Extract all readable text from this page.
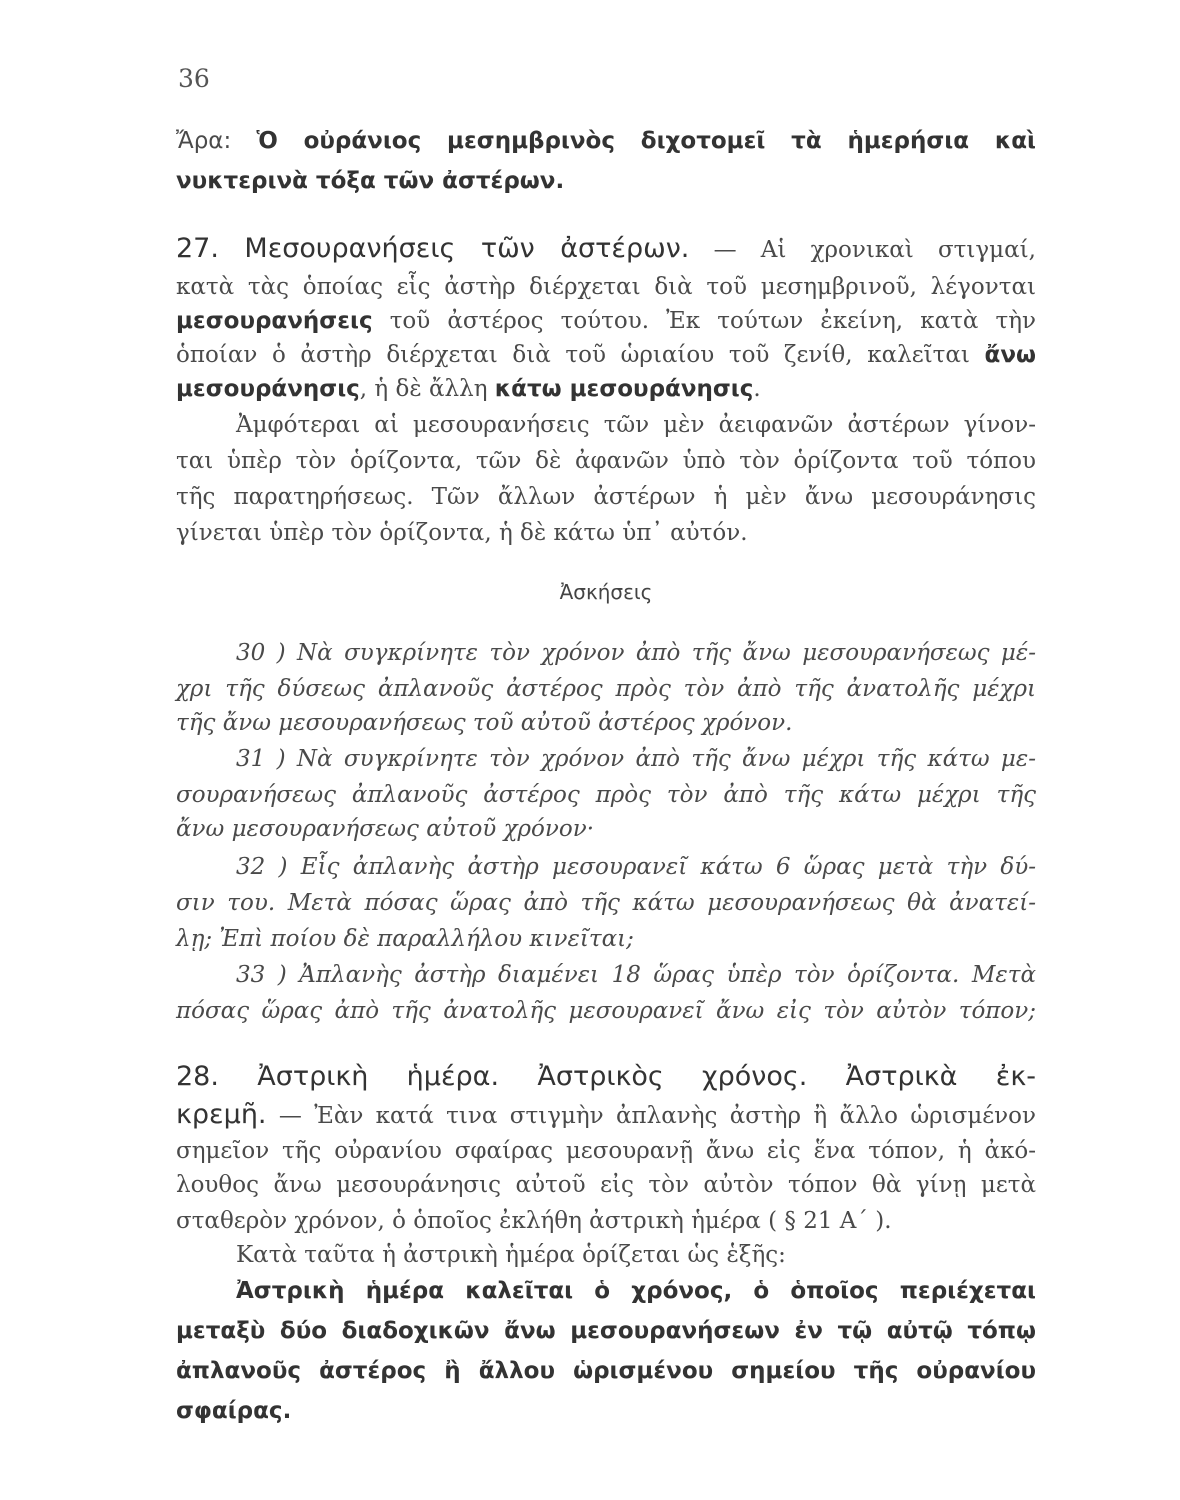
36
Ἄρα: Ὁ οὐράνιος μεσημβρινὸς διχοτομεῖ τὰ ἡμερήσια καὶ
νυκτερινὰ τόξα τῶν ἀστέρων.
27. Μεσουρανήσεις τῶν ἀστέρων. — Αἱ χρονικαὶ στιγμαί,
κατὰ τὰς ὁποίας εἷς ἀστὴρ διέρχεται διὰ τοῦ μεσημβρινοῦ, λέγονται
μεσουρανήσεις τοῦ ἀστέρος τούτου. Ἐκ τούτων ἐκείνη, κατὰ τὴν
ὁποίαν ὁ ἀστὴρ διέρχεται διὰ τοῦ ὡριαίου τοῦ ζενίθ, καλεῖται ἄνω
μεσουράνησις, ἡ δὲ ἄλλη κάτω μεσουράνησις.
Ἀμφότεραι αἱ μεσουρανήσεις τῶν μὲν ἀειφανῶν ἀστέρων γίνον-
ται ὑπὲρ τὸν ὁρίζοντα, τῶν δὲ ἀφανῶν ὑπὸ τὸν ὁρίζοντα τοῦ τόπου
τῆς παρατηρήσεως. Τῶν ἄλλων ἀστέρων ἡ μὲν ἄνω μεσουράνησις
γίνεται ὑπὲρ τὸν ὁρίζοντα, ἡ δὲ κάτω ὑπ᾽ αὐτόν.
Ἀσκήσεις
30 ) Νὰ συγκρίνητε τὸν χρόνον ἀπὸ τῆς ἄνω μεσουρανήσεως μέ-
χρι τῆς δύσεως ἀπλανοῦς ἀστέρος πρὸς τὸν ἀπὸ τῆς ἀνατολῆς μέχρι
τῆς ἄνω μεσουρανήσεως τοῦ αὐτοῦ ἀστέρος χρόνον.
31 ) Νὰ συγκρίνητε τὸν χρόνον ἀπὸ τῆς ἄνω μέχρι τῆς κάτω με-
σουρανήσεως ἀπλανοῦς ἀστέρος πρὸς τὸν ἀπὸ τῆς κάτω μέχρι τῆς
ἄνω μεσουρανήσεως αὐτοῦ χρόνον·
32 ) Εἷς ἀπλανὴς ἀστὴρ μεσουρανεῖ κάτω 6 ὥρας μετὰ τὴν δύ-
σιν του. Μετὰ πόσας ὥρας ἀπὸ τῆς κάτω μεσουρανήσεως θὰ ἀνατεί-
λῃ; Ἐπὶ ποίου δὲ παραλλήλου κινεῖται;
33 ) Ἀπλανὴς ἀστὴρ διαμένει 18 ὥρας ὑπὲρ τὸν ὁρίζοντα. Μετὰ
πόσας ὥρας ἀπὸ τῆς ἀνατολῆς μεσουρανεῖ ἄνω εἰς τὸν αὐτὸν τόπον;
28. Ἀστρικὴ ἡμέρα. Ἀστρικὸς χρόνος. Ἀστρικὰ ἐκ-
κρεμῆ. — Ἐὰν κατά τινα στιγμὴν ἀπλανὴς ἀστὴρ ἢ ἄλλο ὡρισμένον
σημεῖον τῆς οὐρανίου σφαίρας μεσουρανῇ ἄνω εἰς ἕνα τόπον, ἡ ἀκό-
λουθος ἄνω μεσουράνησις αὐτοῦ εἰς τὸν αὐτὸν τόπον θὰ γίνῃ μετὰ
σταθερὸν χρόνον, ὁ ὁποῖος ἐκλήθη ἀστρικὴ ἡμέρα ( § 21 Α΄ ).
Κατὰ ταῦτα ἡ ἀστρικὴ ἡμέρα ὁρίζεται ὡς ἑξῆς:
Ἀστρικὴ ἡμέρα καλεῖται ὁ χρόνος, ὁ ὁποῖος περιέχεται
μεταξὺ δύο διαδοχικῶν ἄνω μεσουρανήσεων ἐν τῷ αὐτῷ τόπῳ
ἀπλανοῦς ἀστέρος ἢ ἄλλου ὡρισμένου σημείου τῆς οὐρανίου
σφαίρας.
